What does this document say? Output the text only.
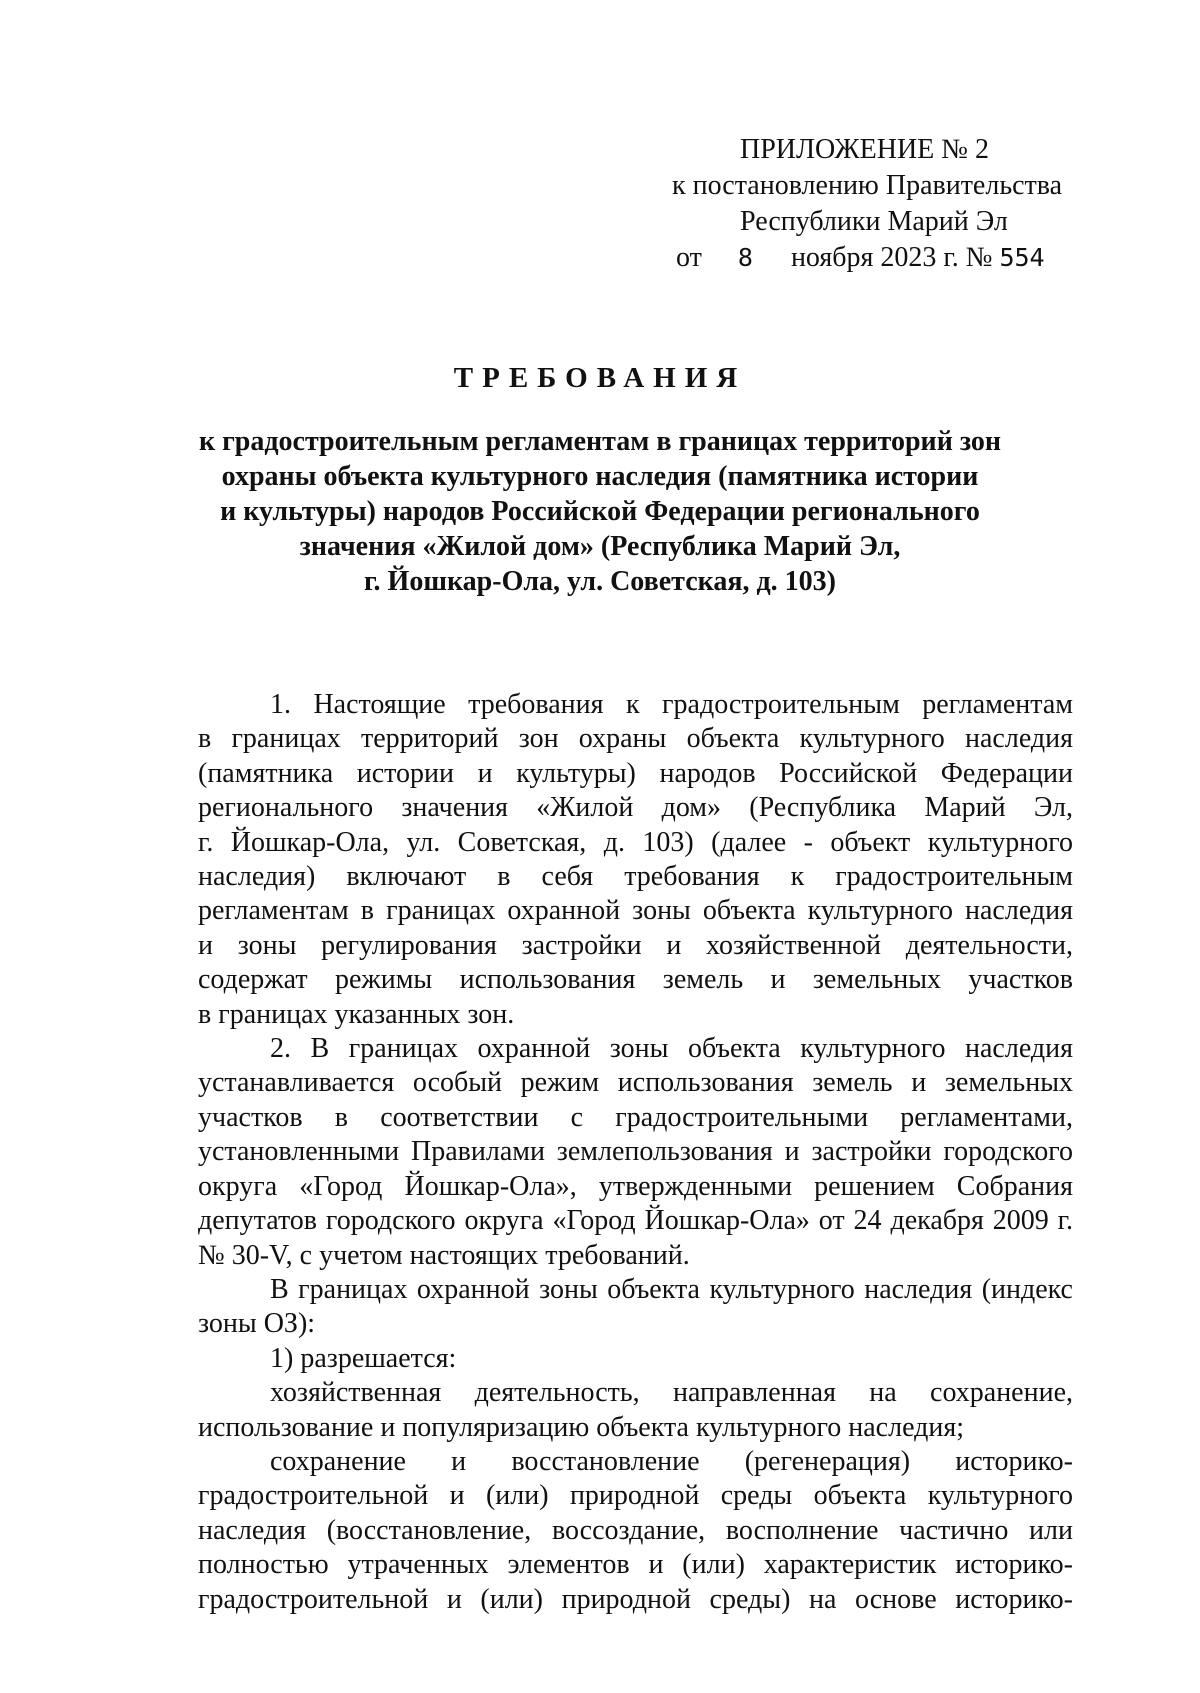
ПРИЛОЖЕНИЕ № 2
к постановлению Правительства
Республики Марий Эл
от 8 ноября 2023 г. № 554
ТРЕБОВАНИЯ
к градостроительным регламентам в границах территорий зон
охраны объекта культурного наследия (памятника истории
и культуры) народов Российской Федерации регионального
значения «Жилой дом» (Республика Марий Эл,
г. Йошкар-Ола, ул. Советская, д. 103)

1. Настоящие требования к градостроительным регламентам
в границах территорий зон охраны объекта культурного наследия
(памятника истории и культуры) народов Российской Федерации
регионального значения «Жилой дом» (Республика Марий Эл,
г. Йошкар-Ола, ул. Советская, д. 103) (далее - объект культурного
наследия) включают в себя требования к градостроительным
регламентам в границах охранной зоны объекта культурного наследия
и зоны регулирования застройки и хозяйственной деятельности,
содержат режимы использования земель и земельных участков
в границах указанных зон.

2. В границах охранной зоны объекта культурного наследия
устанавливается особый режим использования земель и земельных
участков в соответствии с градостроительными регламентами,
установленными Правилами землепользования и застройки городского
округа «Город Йошкар-Ола», утвержденными решением Собрания
депутатов городского округа «Город Йошкар-Ола» от 24 декабря 2009 г.
№ 30-V, с учетом настоящих требований.

В границах охранной зоны объекта культурного наследия (индекс
зоны ОЗ):

1) разрешается:

хозяйственная деятельность, направленная на сохранение,
использование и популяризацию объекта культурного наследия;

сохранение и восстановление (регенерация) историко-
градостроительной и (или) природной среды объекта культурного
наследия (восстановление, воссоздание, восполнение частично или
полностью утраченных элементов и (или) характеристик историко-
градостроительной и (или) природной среды) на основе историко-
